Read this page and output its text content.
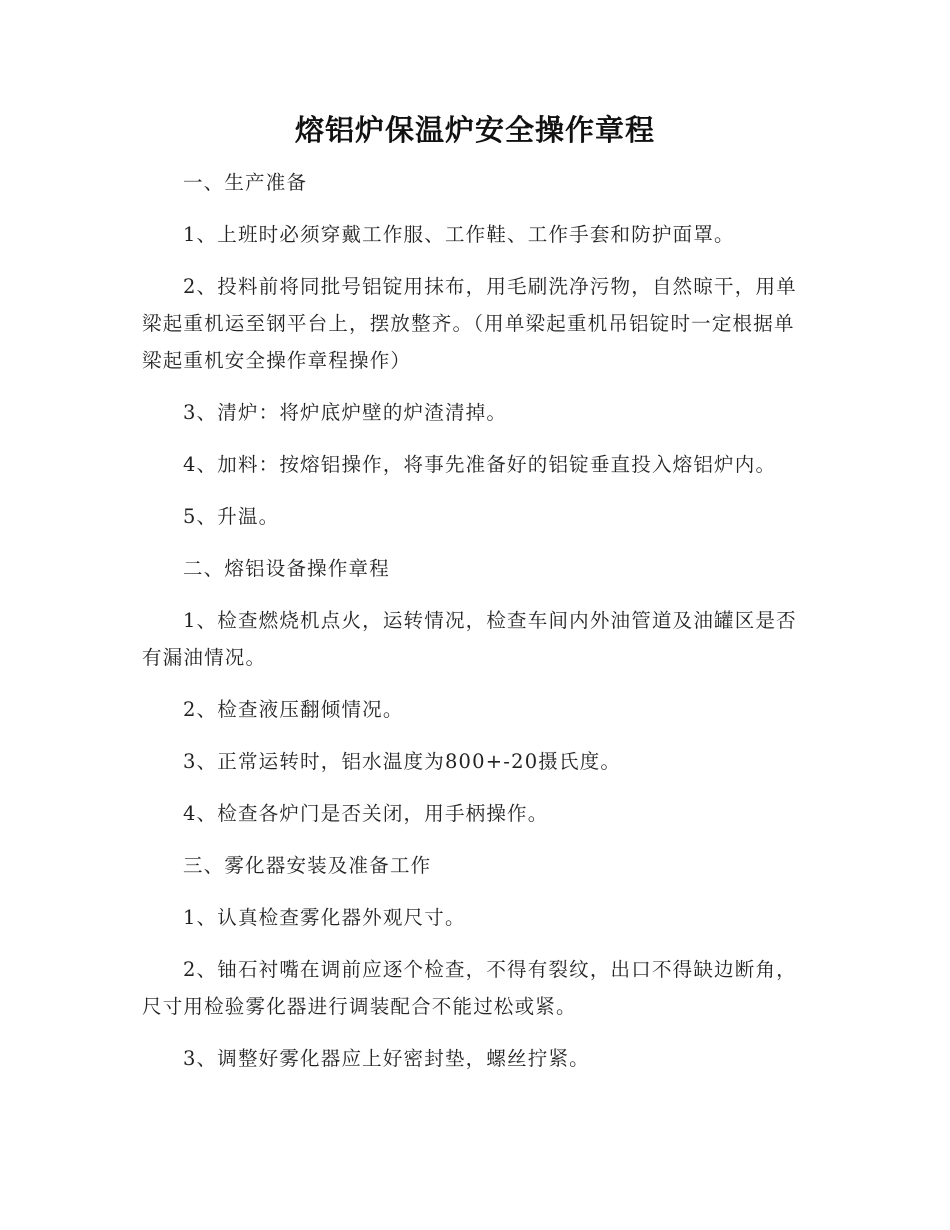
熔铝炉保温炉安全操作章程

一、生产准备

1、上班时必须穿戴工作服、工作鞋、工作手套和防护面罩。

2、投料前将同批号铝锭用抹布，用毛刷洗净污物，自然晾干，用单梁起重机运至钢平台上，摆放整齐。（用单梁起重机吊铝锭时一定根据单梁起重机安全操作章程操作）

3、清炉：将炉底炉壁的炉渣清掉。

4、加料：按熔铝操作，将事先准备好的铝锭垂直投入熔铝炉内。

5、升温。

二、熔铝设备操作章程

1、检查燃烧机点火，运转情况，检查车间内外油管道及油罐区是否有漏油情况。

2、检查液压翻倾情况。

3、正常运转时，铝水温度为800+-20摄氏度。

4、检查各炉门是否关闭，用手柄操作。

三、雾化器安装及准备工作

1、认真检查雾化器外观尺寸。

2、铀石衬嘴在调前应逐个检查，不得有裂纹，出口不得缺边断角，尺寸用检验雾化器进行调装配合不能过松或紧。

3、调整好雾化器应上好密封垫，螺丝拧紧。
